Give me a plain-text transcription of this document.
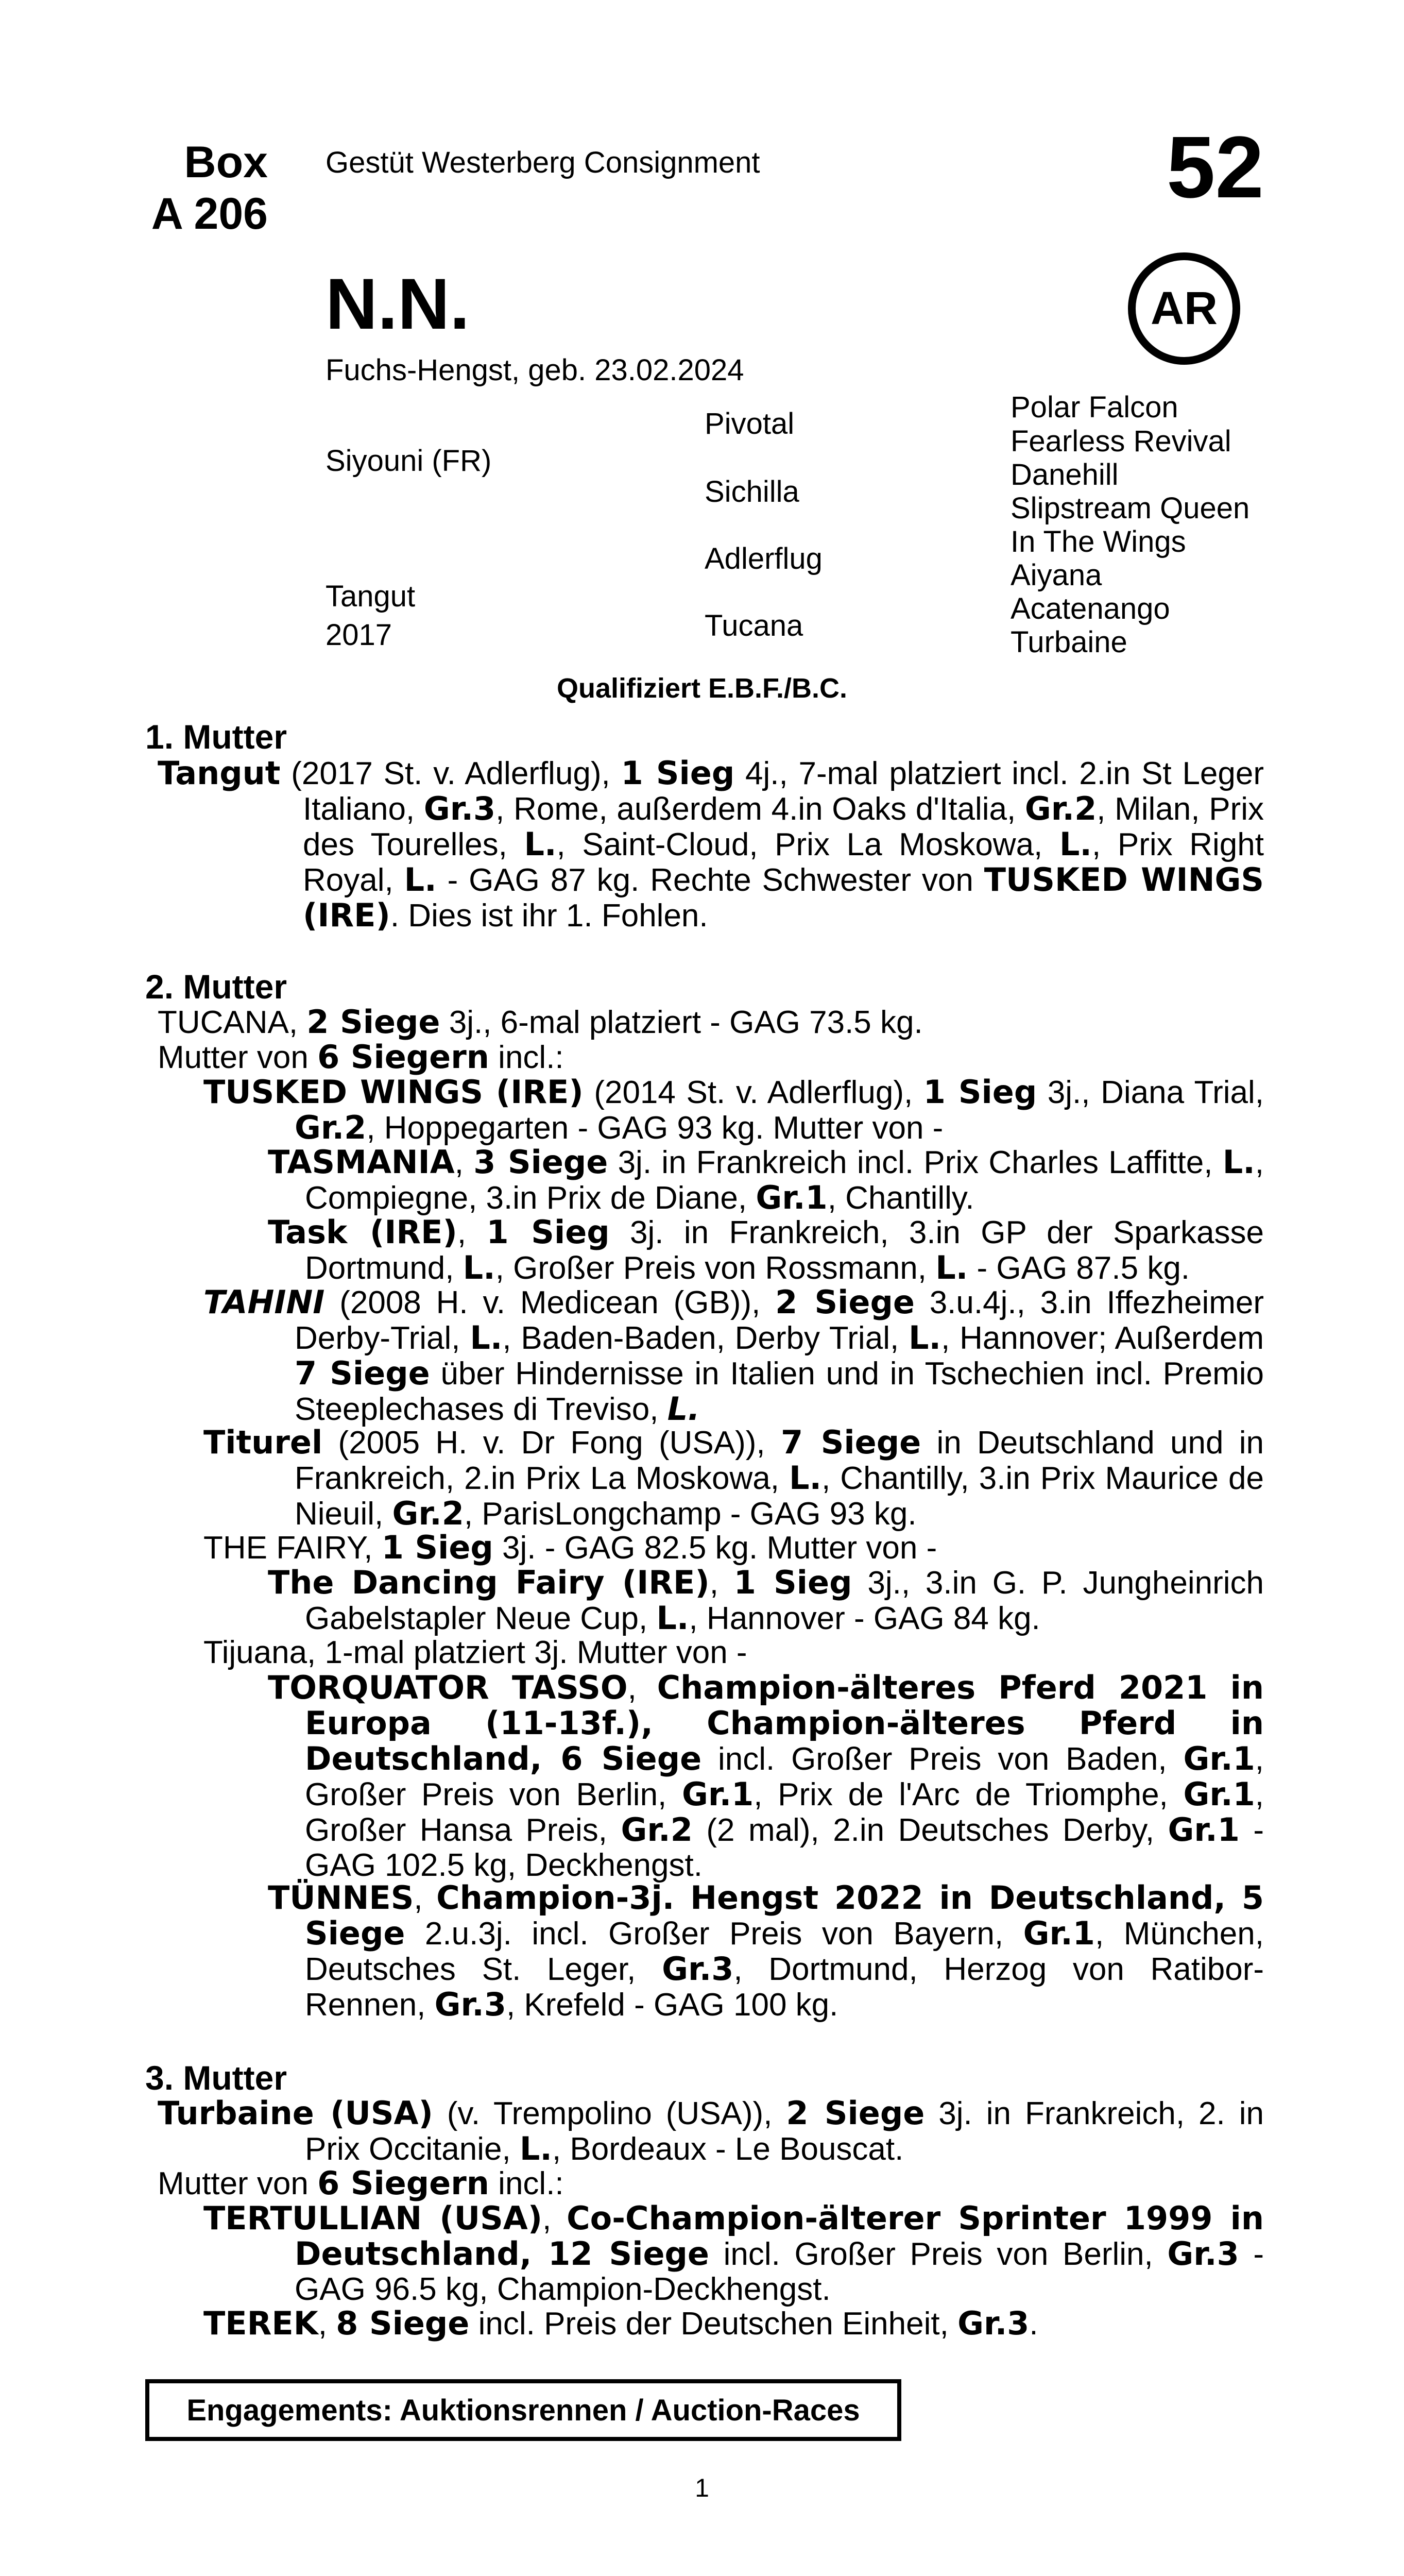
Box
A 206
Gestüt Westerberg Consignment	52
N.N.	AR
Fuchs-Hengst, geb. 23.02.2024
Siyouni (FR)
Tangut
2017
Pivotal
Sichilla
Adlerflug
Tucana
Polar Falcon
Fearless Revival
Danehill
Slipstream Queen
In The Wings
Aiyana
Acatenango
Turbaine
Qualifiziert E.B.F./B.C.
1. Mutter
Tangut (2017 St. v. Adlerflug), 1 Sieg 4j., 7-mal platziert incl. 2.in St Leger Italiano, Gr.3, Rome, außerdem 4.in Oaks d'Italia, Gr.2, Milan, Prix des Tourelles, L., Saint-Cloud, Prix La Moskowa, L., Prix Right Royal, L. - GAG 87 kg. Rechte Schwester von TUSKED WINGS (IRE). Dies ist ihr 1. Fohlen.
2. Mutter
TUCANA, 2 Siege 3j., 6-mal platziert - GAG 73.5 kg.
Mutter von 6 Siegern incl.:
TUSKED WINGS (IRE) (2014 St. v. Adlerflug), 1 Sieg 3j., Diana Trial, Gr.2, Hoppegarten - GAG 93 kg. Mutter von -
TASMANIA, 3 Siege 3j. in Frankreich incl. Prix Charles Laffitte, L., Compiegne, 3.in Prix de Diane, Gr.1, Chantilly.
Task (IRE), 1 Sieg 3j. in Frankreich, 3.in GP der Sparkasse Dortmund, L., Großer Preis von Rossmann, L. - GAG 87.5 kg.
TAHINI (2008 H. v. Medicean (GB)), 2 Siege 3.u.4j., 3.in Iffezheimer Derby-Trial, L., Baden-Baden, Derby Trial, L., Hannover; Außerdem 7 Siege über Hindernisse in Italien und in Tschechien incl. Premio Steeplechases di Treviso, L.
Titurel (2005 H. v. Dr Fong (USA)), 7 Siege in Deutschland und in Frankreich, 2.in Prix La Moskowa, L., Chantilly, 3.in Prix Maurice de Nieuil, Gr.2, ParisLongchamp - GAG 93 kg.
THE FAIRY, 1 Sieg 3j. - GAG 82.5 kg. Mutter von -
The Dancing Fairy (IRE), 1 Sieg 3j., 3.in G. P. Jungheinrich Gabelstapler Neue Cup, L., Hannover - GAG 84 kg.
Tijuana, 1-mal platziert 3j. Mutter von -
TORQUATOR TASSO, Champion-älteres Pferd 2021 in Europa (11-13f.), Champion-älteres Pferd in Deutschland, 6 Siege incl. Großer Preis von Baden, Gr.1, Großer Preis von Berlin, Gr.1, Prix de l'Arc de Triomphe, Gr.1, Großer Hansa Preis, Gr.2 (2 mal), 2.in Deutsches Derby, Gr.1 - GAG 102.5 kg, Deckhengst.
TÜNNES, Champion-3j. Hengst 2022 in Deutschland, 5 Siege 2.u.3j. incl. Großer Preis von Bayern, Gr.1, München, Deutsches St. Leger, Gr.3, Dortmund, Herzog von Ratibor-Rennen, Gr.3, Krefeld - GAG 100 kg.
3. Mutter
Turbaine (USA) (v. Trempolino (USA)), 2 Siege 3j. in Frankreich, 2. in Prix Occitanie, L., Bordeaux - Le Bouscat.
Mutter von 6 Siegern incl.:
TERTULLIAN (USA), Co-Champion-älterer Sprinter 1999 in Deutschland, 12 Siege incl. Großer Preis von Berlin, Gr.3 - GAG 96.5 kg, Champion-Deckhengst.
TEREK, 8 Siege incl. Preis der Deutschen Einheit, Gr.3.
Engagements: Auktionsrennen / Auction-Races
1
